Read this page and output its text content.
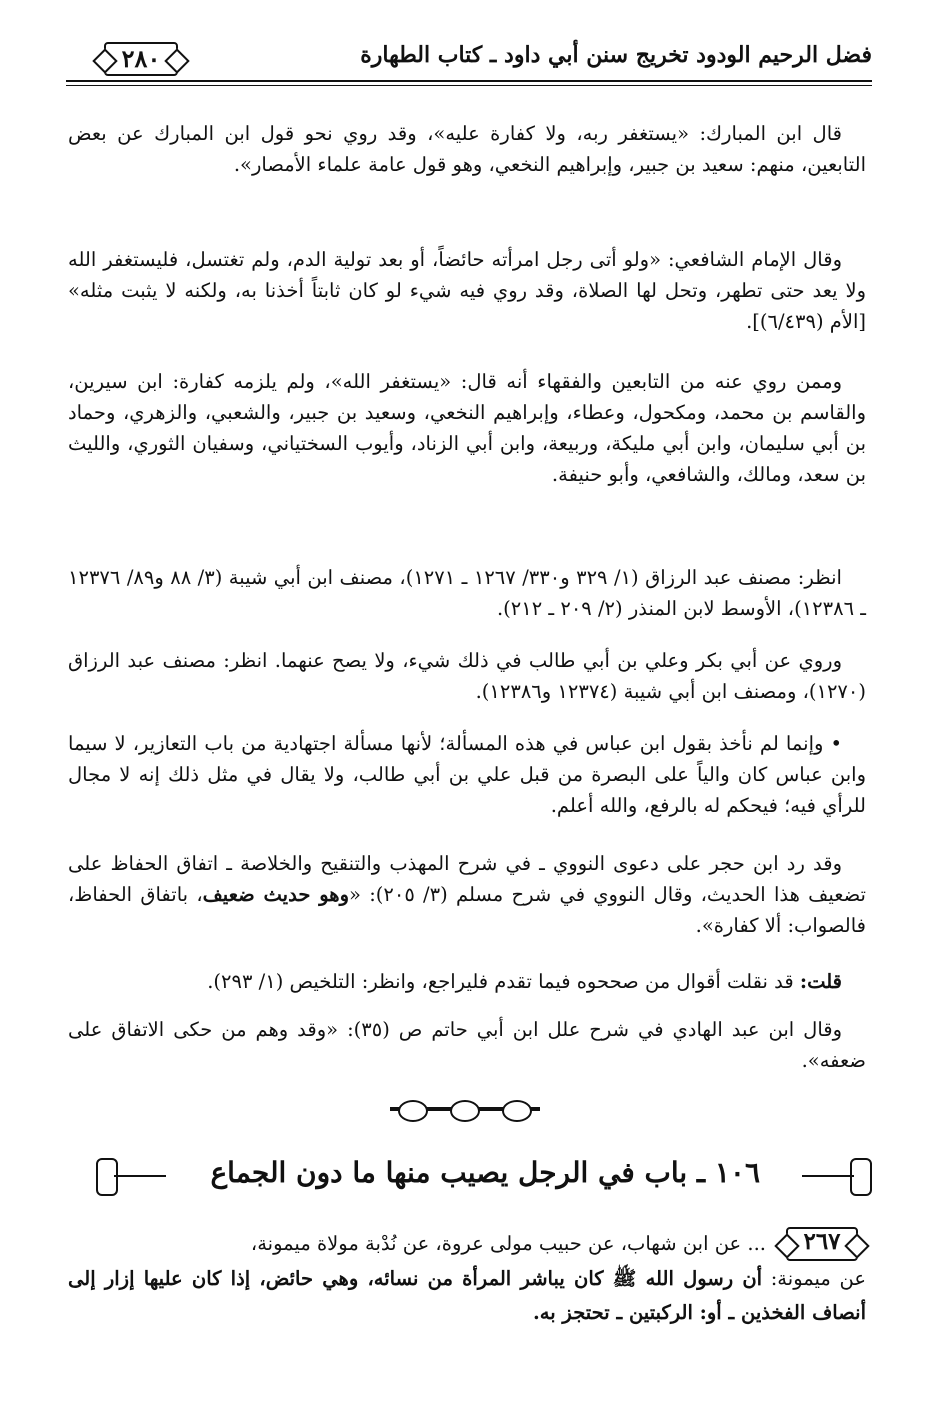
فضل الرحيم الودود تخريج سنن أبي داود ـ كتاب الطهارة
٢٨٠
قال ابن المبارك: «يستغفر ربه، ولا كفارة عليه»، وقد روي نحو قول ابن المبارك عن بعض التابعين، منهم: سعيد بن جبير، وإبراهيم النخعي، وهو قول عامة علماء الأمصار».
وقال الإمام الشافعي: «ولو أتى رجل امرأته حائضاً، أو بعد تولية الدم، ولم تغتسل، فليستغفر الله ولا يعد حتى تطهر، وتحل لها الصلاة، وقد روي فيه شيء لو كان ثابتاً أخذنا به، ولكنه لا يثبت مثله» [الأم (٦/٤٣٩)].
وممن روي عنه من التابعين والفقهاء أنه قال: «يستغفر الله»، ولم يلزمه كفارة: ابن سيرين، والقاسم بن محمد، ومكحول، وعطاء، وإبراهيم النخعي، وسعيد بن جبير، والشعبي، والزهري، وحماد بن أبي سليمان، وابن أبي مليكة، وربيعة، وابن أبي الزناد، وأيوب السختياني، وسفيان الثوري، والليث بن سعد، ومالك، والشافعي، وأبو حنيفة.
انظر: مصنف عبد الرزاق (١/ ٣٢٩ و٣٣٠/ ١٢٦٧ ـ ١٢٧١)، مصنف ابن أبي شيبة (٣/ ٨٨ و٨٩/ ١٢٣٧٦ ـ ١٢٣٨٦)، الأوسط لابن المنذر (٢/ ٢٠٩ ـ ٢١٢).
وروي عن أبي بكر وعلي بن أبي طالب في ذلك شيء، ولا يصح عنهما. انظر: مصنف عبد الرزاق (١٢٧٠)، ومصنف ابن أبي شيبة (١٢٣٧٤ و١٢٣٨٦).
• وإنما لم نأخذ بقول ابن عباس في هذه المسألة؛ لأنها مسألة اجتهادية من باب التعازير، لا سيما وابن عباس كان والياً على البصرة من قبل علي بن أبي طالب، ولا يقال في مثل ذلك إنه لا مجال للرأي فيه؛ فيحكم له بالرفع، والله أعلم.
وقد رد ابن حجر على دعوى النووي ـ في شرح المهذب والتنقيح والخلاصة ـ اتفاق الحفاظ على تضعيف هذا الحديث، وقال النووي في شرح مسلم (٣/ ٢٠٥): «وهو حديث ضعيف، باتفاق الحفاظ، فالصواب: ألا كفارة».
قلت: قد نقلت أقوال من صححوه فيما تقدم فليراجع، وانظر: التلخيص (١/ ٢٩٣).
وقال ابن عبد الهادي في شرح علل ابن أبي حاتم ص (٣٥): «وقد وهم من حكى الاتفاق على ضعفه».
١٠٦ ـ باب في الرجل يصيب منها ما دون الجماع
٢٦٧
... عن ابن شهاب، عن حبيب مولى عروة، عن نُدْبة مولاة ميمونة،
عن ميمونة: أن رسول الله ﷺ كان يباشر المرأة من نسائه، وهي حائض، إذا كان عليها إزار إلى أنصاف الفخذين ـ أو: الركبتين ـ تحتجز به.
